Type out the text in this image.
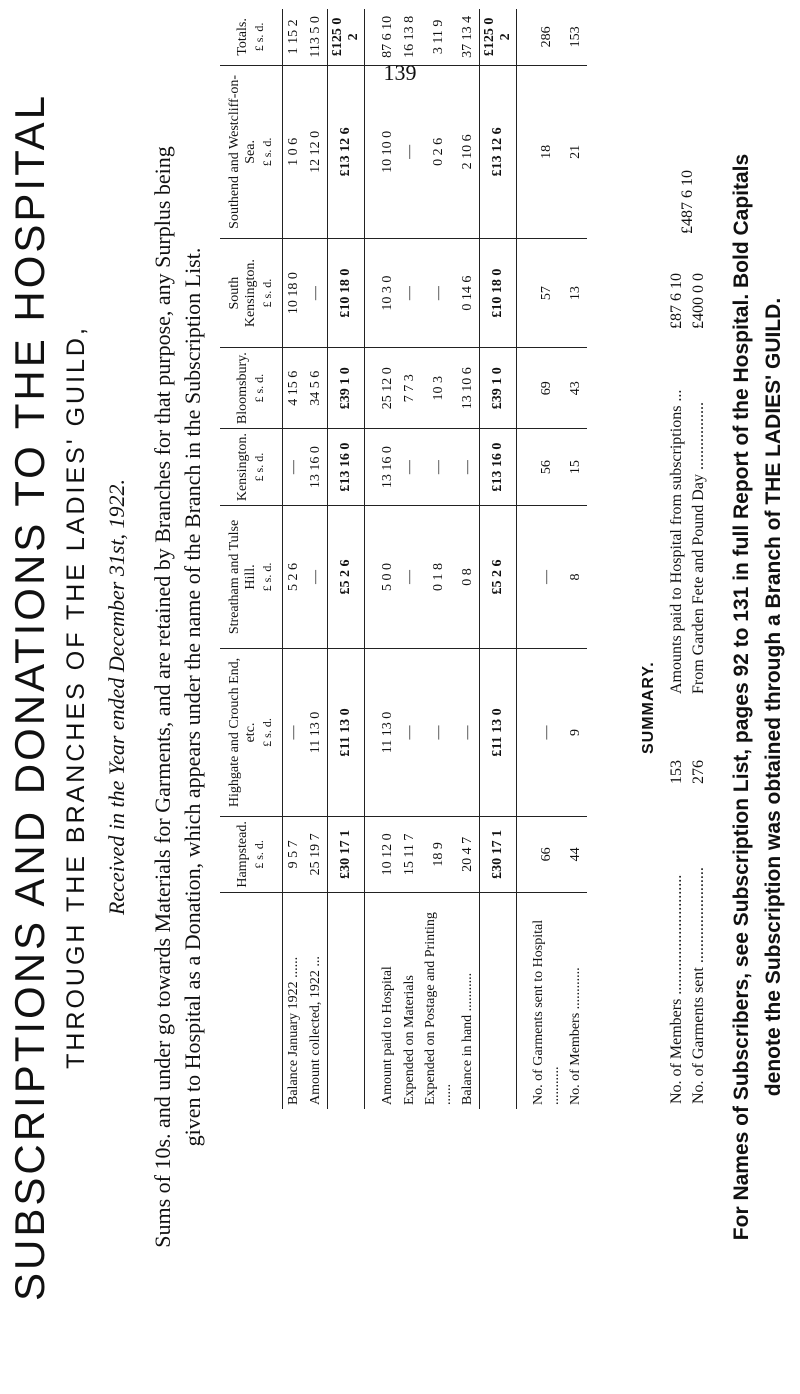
139
SUBSCRIPTIONS AND DONATIONS TO THE HOSPITAL THROUGH THE BRANCHES OF THE LADIES' GUILD, Received in the Year ended December 31st, 1922. Sums of 10s. and under go towards Materials for Garments, and are retained by Branches for that purpose, any Surplus being given to Hospital as a Donation, which appears under the name of the Branch in the Subscription List.
	Hampstead. £ s. d.	Highgate and Crouch End, etc. £ s. d.	Streatham and Tulse Hill. £ s. d.	Kensington. £ s. d.	Bloomsbury. £ s. d.	South Kensington. £ s. d.	Southend and Westcliff-on-Sea. £ s. d.	Totals. £ s. d.
Balance January 1922 ......	9 5 7	—	5 2 6	—	4 15 6	10 18 0	1 0 6	1 15 2
Amount collected, 1922 ...	25 19 7	11 13 0	—	13 16 0	34 5 6	—	12 12 0	113 5 0
	£30 17 1	£11 13 0	£5 2 6	£13 16 0	£39 1 0	£10 18 0	£13 12 6	£125 0 2

Amount paid to Hospital	10 12 0	11 13 0	5 0 0	13 16 0	25 12 0	10 3 0	10 10 0	87 6 10
Expended on Materials	15 11 7	—	—	—	7 7 3	—	—	16 13 8
Expended on Postage and Printing ......	18 9	—	0 1 8	—	10 3	—	0 2 6	3 11 9
Balance in hand ...........	20 4 7	—	0 8	—	13 10 6	0 14 6	2 10 6	37 13 4
	£30 17 1	£11 13 0	£5 2 6	£13 16 0	£39 1 0	£10 18 0	£13 12 6	£125 0 2

No. of Garments sent to Hospital ...........	66	—	—	56	69	57	18	286
No. of Members ............	44	9	8	15	43	13	21	153
SUMMARY.
No. of Members ..............................
153
No. of Garments sent ........................
276
Amounts paid to Hospital from subscriptions ...
£87 6 10
From Garden Fete and Pound Day .................
£400 0 0
£487 6 10 For Names of Subscribers, see Subscription List, pages 92 to 131 in full Report of the Hospital. Bold Capitals denote the Subscription was obtained through a Branch of THE LADIES' GUILD.
